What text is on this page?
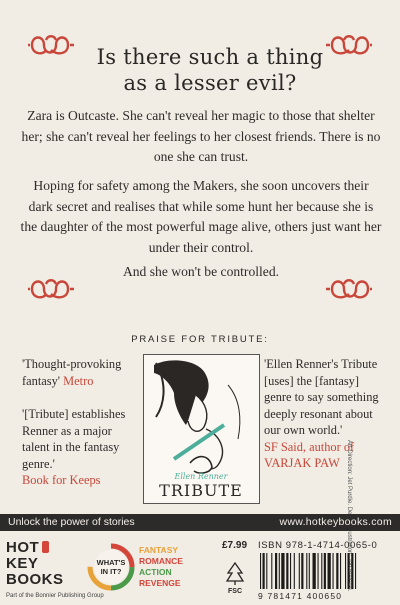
Is there such a thing
as a lesser evil?

Zara is Outcaste. She can't reveal her magic to those that shelter her; she can't reveal her feelings to her closest friends. There is no one she can trust.

Hoping for safety among the Makers, she soon uncovers their dark secret and realises that while some hunt her because she is the daughter of the most powerful mage alive, others just want her under their control.

And she won't be controlled.

PRAISE FOR TRIBUTE:
'Thought-provoking fantasy' Metro
'[Tribute] establishes Renner as a major talent in the fantasy genre.'
Book for Keeps
'Ellen Renner's Tribute [uses] the [fantasy] genre to say something deeply resonant about our own world.'
SF Said, author of VARJAK PAW
Ellen Renner
TRIBUTE
Unlock the power of stories	www.hotkeybooks.com
HOT
KEY
BOOKS
Part of the Bonnier Publishing Group
WHAT'S
IN IT?
FANTASY
ROMANCE
ACTION
REVENGE
£7.99
FSC
ISBN 978-1-4714-0065-0
9 781471 400650
